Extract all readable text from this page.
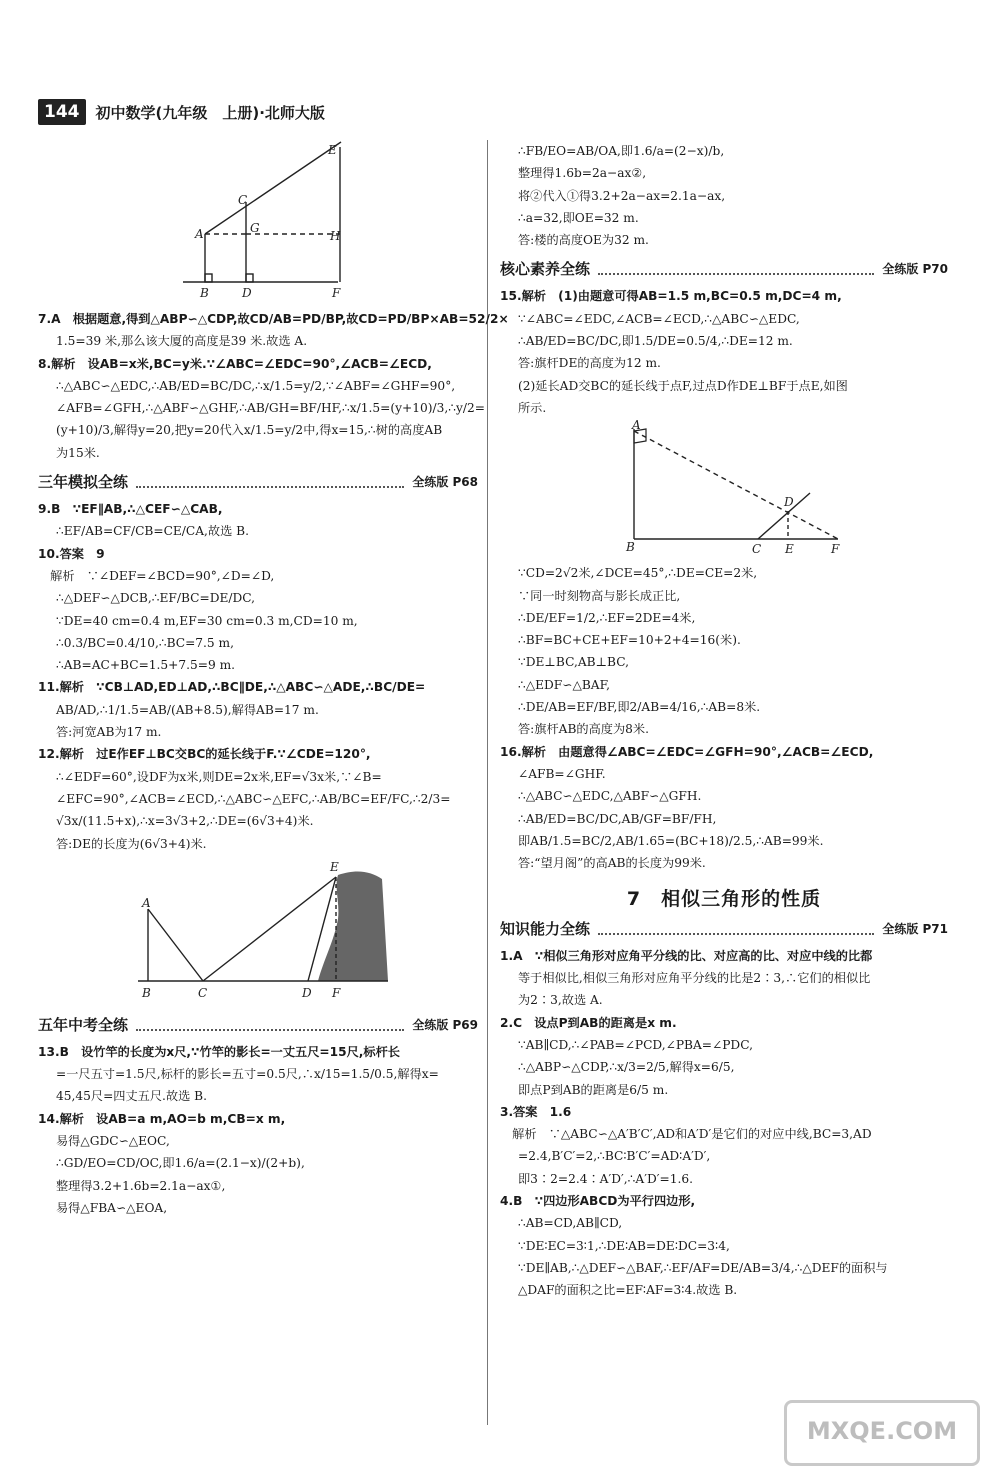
144	初中数学(九年级　上册)·北师大版
A
B
C
D
E
F
G
H
7.A　根据题意,得到△ABP∽△CDP,故CD/AB=PD/BP,故CD=PD/BP×AB=52/2×
1.5=39 米,那么该大厦的高度是39 米.故选 A.
8.解析　设AB=x米,BC=y米.∵∠ABC=∠EDC=90°,∠ACB=∠ECD,
∴△ABC∽△EDC,∴AB/ED=BC/DC,∴x/1.5=y/2,∵∠ABF=∠GHF=90°,
∠AFB=∠GFH,∴△ABF∽△GHF,∴AB/GH=BF/HF,∴x/1.5=(y+10)/3,∴y/2=
(y+10)/3,解得y=20,把y=20代入x/1.5=y/2中,得x=15,∴树的高度AB
为15米.
三年模拟全练	全练版 P68
9.B　∵EF∥AB,∴△CEF∽△CAB,
∴EF/AB=CF/CB=CE/CA,故选 B.
10.答案　9
　解析　∵∠DEF=∠BCD=90°,∠D=∠D,
∴△DEF∽△DCB,∴EF/BC=DE/DC,
∵DE=40 cm=0.4 m,EF=30 cm=0.3 m,CD=10 m,
∴0.3/BC=0.4/10,∴BC=7.5 m,
∴AB=AC+BC=1.5+7.5=9 m.
11.解析　∵CB⊥AD,ED⊥AD,∴BC∥DE,∴△ABC∽△ADE,∴BC/DE=
AB/AD,∴1/1.5=AB/(AB+8.5),解得AB=17 m.
答:河宽AB为17 m.
12.解析　过E作EF⊥BC交BC的延长线于F.∵∠CDE=120°,
∴∠EDF=60°,设DF为x米,则DE=2x米,EF=√3x米,∵∠B=
∠EFC=90°,∠ACB=∠ECD,∴△ABC∽△EFC,∴AB/BC=EF/FC,∴2/3=
√3x/(11.5+x),∴x=3√3+2,∴DE=(6√3+4)米.
答:DE的长度为(6√3+4)米.
A
B	C	D
E
F
五年中考全练	全练版 P69
13.B　设竹竿的长度为x尺,∵竹竿的影长=一丈五尺=15尺,标杆长
=一尺五寸=1.5尺,标杆的影长=五寸=0.5尺,∴x/15=1.5/0.5,解得x=
45,45尺=四丈五尺.故选 B.
14.解析　设AB=a m,AO=b m,CB=x m,
易得△GDC∽△EOC,
∴GD/EO=CD/OC,即1.6/a=(2.1−x)/(2+b),
整理得3.2+1.6b=2.1a−ax①,
易得△FBA∽△EOA,
∴FB/EO=AB/OA,即1.6/a=(2−x)/b,
整理得1.6b=2a−ax②,
将②代入①得3.2+2a−ax=2.1a−ax,
∴a=32,即OE=32 m.
答:楼的高度OE为32 m.
核心素养全练	全练版 P70
15.解析　(1)由题意可得AB=1.5 m,BC=0.5 m,DC=4 m,
∵∠ABC=∠EDC,∠ACB=∠ECD,∴△ABC∽△EDC,
∴AB/ED=BC/DC,即1.5/DE=0.5/4,∴DE=12 m.
答:旗杆DE的高度为12 m.
(2)延长AD交BC的延长线于点F,过点D作DE⊥BF于点E,如图
所示.
A
B	C
D
E	F
∵CD=2√2米,∠DCE=45°,∴DE=CE=2米,
∵同一时刻物高与影长成正比,
∴DE/EF=1/2,∴EF=2DE=4米,
∴BF=BC+CE+EF=10+2+4=16(米).
∵DE⊥BC,AB⊥BC,
∴△EDF∽△BAF,
∴DE/AB=EF/BF,即2/AB=4/16,∴AB=8米.
答:旗杆AB的高度为8米.
16.解析　由题意得∠ABC=∠EDC=∠GFH=90°,∠ACB=∠ECD,
∠AFB=∠GHF.
∴△ABC∽△EDC,△ABF∽△GFH.
∴AB/ED=BC/DC,AB/GF=BF/FH,
即AB/1.5=BC/2,AB/1.65=(BC+18)/2.5,∴AB=99米.
答:“望月阁”的高AB的长度为99米.
7　相似三角形的性质
知识能力全练	全练版 P71
1.A　∵相似三角形对应角平分线的比、对应高的比、对应中线的比都
等于相似比,相似三角形对应角平分线的比是2∶3,∴它们的相似比
为2∶3,故选 A.
2.C　设点P到AB的距离是x m.
∵AB∥CD,∴∠PAB=∠PCD,∠PBA=∠PDC,
∴△ABP∽△CDP,∴x/3=2/5,解得x=6/5,
即点P到AB的距离是6/5 m.
3.答案　1.6
　解析　∵△ABC∽△A′B′C′,AD和A′D′是它们的对应中线,BC=3,AD
=2.4,B′C′=2,∴BC∶B′C′=AD∶A′D′,
即3∶2=2.4∶A′D′,∴A′D′=1.6.
4.B　∵四边形ABCD为平行四边形,
∴AB=CD,AB∥CD,
∵DE∶EC=3∶1,∴DE∶AB=DE∶DC=3∶4,
∵DE∥AB,∴△DEF∽△BAF,∴EF/AF=DE/AB=3/4,∴△DEF的面积与
△DAF的面积之比=EF∶AF=3∶4.故选 B.
MXQE.COM
